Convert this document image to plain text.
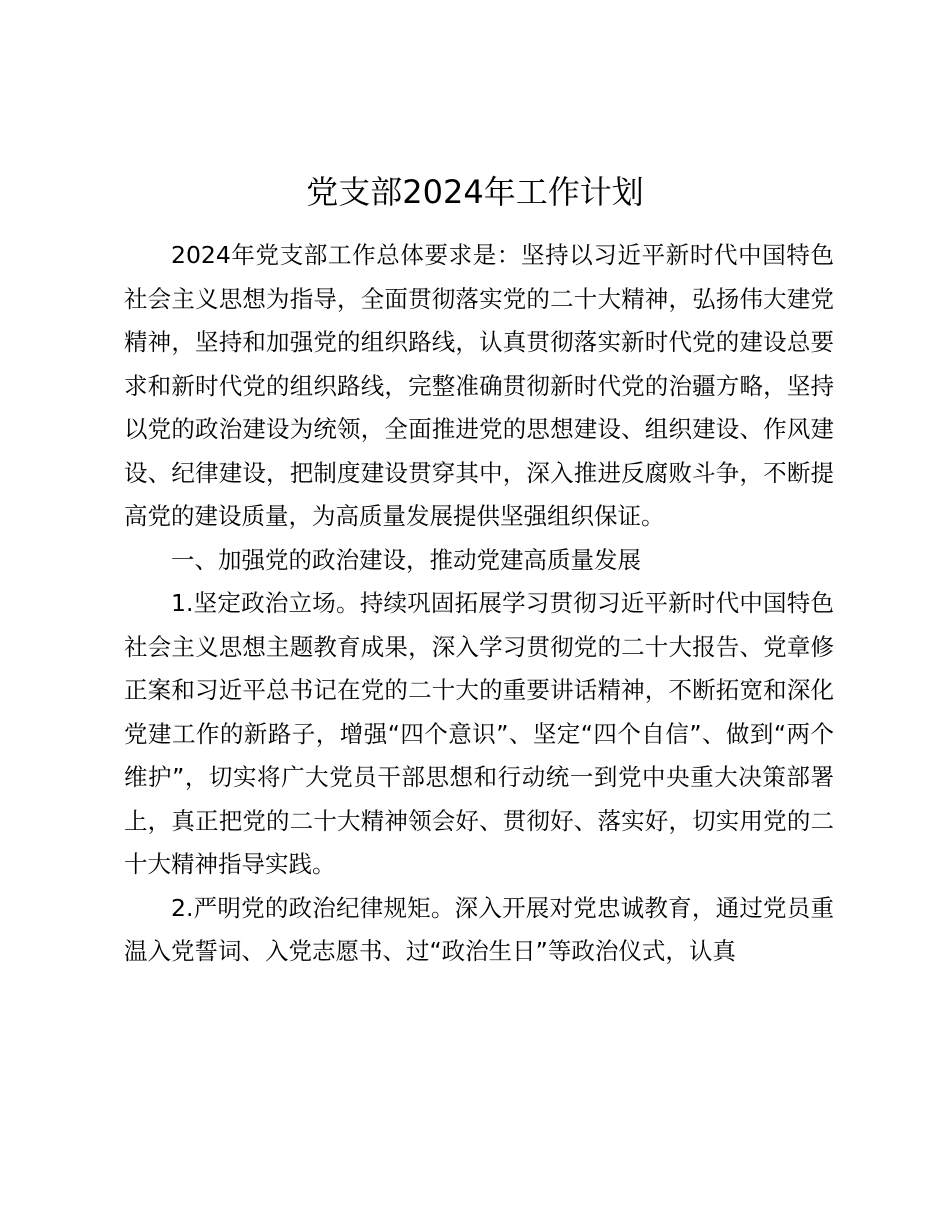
党支部2024年工作计划

2024年党支部工作总体要求是：坚持以习近平新时代中国特色社会主义思想为指导，全面贯彻落实党的二十大精神，弘扬伟大建党精神，坚持和加强党的组织路线，认真贯彻落实新时代党的建设总要求和新时代党的组织路线，完整准确贯彻新时代党的治疆方略，坚持以党的政治建设为统领，全面推进党的思想建设、组织建设、作风建设、纪律建设，把制度建设贯穿其中，深入推进反腐败斗争，不断提高党的建设质量，为高质量发展提供坚强组织保证。

一、加强党的政治建设，推动党建高质量发展

1.坚定政治立场。持续巩固拓展学习贯彻习近平新时代中国特色社会主义思想主题教育成果，深入学习贯彻党的二十大报告、党章修正案和习近平总书记在党的二十大的重要讲话精神，不断拓宽和深化党建工作的新路子，增强“四个意识”、坚定“四个自信”、做到“两个维护”，切实将广大党员干部思想和行动统一到党中央重大决策部署上，真正把党的二十大精神领会好、贯彻好、落实好，切实用党的二十大精神指导实践。

2.严明党的政治纪律规矩。深入开展对党忠诚教育，通过党员重温入党誓词、入党志愿书、过“政治生日”等政治仪式，认真
